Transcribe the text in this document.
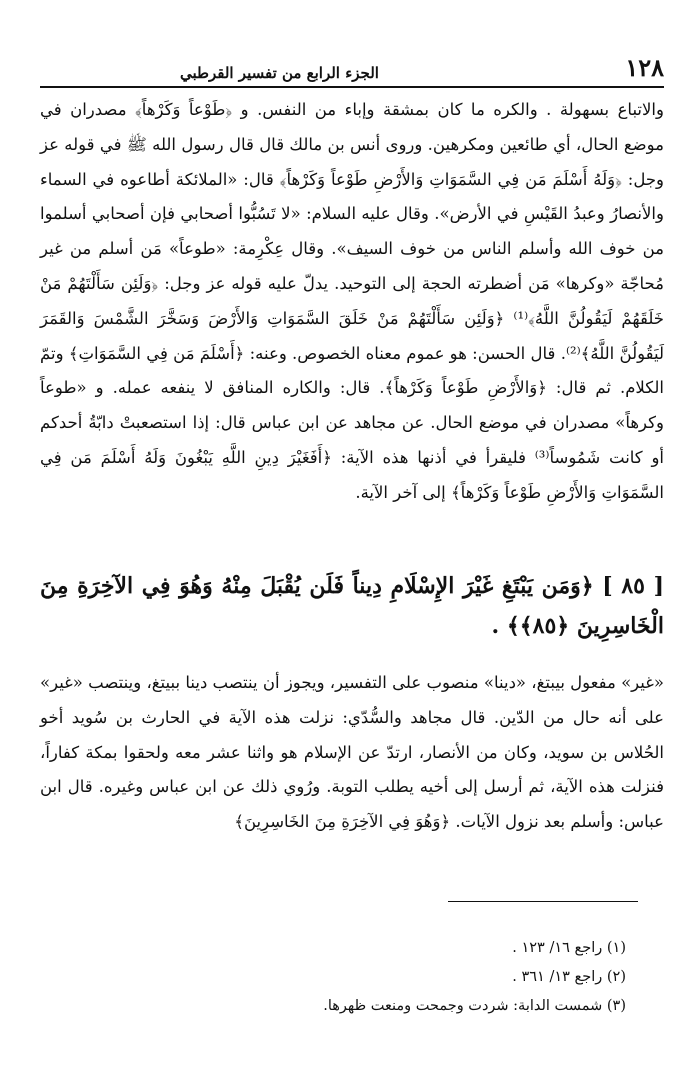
١٢٨
الجزء الرابع من تفسير القرطبي

والاتباع بسهولة . والكره ما كان بمشقة وإباء من النفس. و ﴿طَوْعاً وَكَرْهاً﴾ مصدران في موضع الحال، أي طائعين ومكرهين. وروى أنس بن مالك قال قال رسول الله ﷺ في قوله عز وجل: ﴿وَلَهُ أَسْلَمَ مَن فِي السَّمَوَاتِ وَالأَرْضِ طَوْعاً وَكَرْهاً﴾ قال: «الملائكة أطاعوه في السماء والأنصارُ وعبدُ القَيْسِ في الأرض». وقال عليه السلام: «لا تَسُبُّوا أصحابي فإن أصحابي أسلموا من خوف الله وأسلم الناس من خوف السيف». وقال عِكْرِمة: «طوعاً» مَن أسلم من غير مُحاجّة «وكرها» مَن أضطرته الحجة إلى التوحيد. يدلّ عليه قوله عز وجل: ﴿وَلَئِن سَأَلْتَهُمْ مَنْ خَلَقَهُمْ لَيَقُولُنَّ اللَّهُ﴾⁽¹⁾ ﴿وَلَئِن سَأَلْتَهُمْ مَنْ خَلَقَ السَّمَوَاتِ وَالأَرْضَ وَسَخَّرَ الشَّمْسَ وَالقَمَرَ لَيَقُولُنَّ اللَّهُ﴾⁽²⁾. قال الحسن: هو عموم معناه الخصوص. وعنه: ﴿أَسْلَمَ مَن فِي السَّمَوَاتِ﴾ وتمّ الكلام. ثم قال: ﴿وَالأَرْضِ طَوْعاً وَكَرْهاً﴾. قال: والكاره المنافق لا ينفعه عمله. و «طوعاً وكرهاً» مصدران في موضع الحال. عن مجاهد عن ابن عباس قال: إذا استصعبتْ دابّةُ أحدكم أو كانت شَمُوساً⁽³⁾ فليقرأ في أذنها هذه الآية: ﴿أَفَغَيْرَ دِينِ اللَّهِ يَبْغُونَ وَلَهُ أَسْلَمَ مَن فِي السَّمَوَاتِ وَالأَرْضِ طَوْعاً وَكَرْهاً﴾ إلى آخر الآية.

[ ٨٥ ] ﴿وَمَن يَبْتَغِ غَيْرَ الإِسْلَامِ دِيناً فَلَن يُقْبَلَ مِنْهُ وَهُوَ فِي الآخِرَةِ مِنَ الْخَاسِرِينَ ﴿٨٥﴾﴾ .

«غير» مفعول بيبتغ، «دينا» منصوب على التفسير، ويجوز أن ينتصب دينا ببيتغ، وينتصب «غير» على أنه حال من الدّين. قال مجاهد والسُّدّي: نزلت هذه الآية في الحارث بن سُويد أخو الحُلاس بن سويد، وكان من الأنصار، ارتدّ عن الإسلام هو واثنا عشر معه ولحقوا بمكة كفاراً، فنزلت هذه الآية، ثم أرسل إلى أخيه يطلب التوبة. ورُوي ذلك عن ابن عباس وغيره. قال ابن عباس: وأسلم بعد نزول الآيات. ﴿وَهُوَ فِي الآخِرَةِ مِنَ الخَاسِرِينَ﴾

(١) راجع ١٦/ ١٢٣ .
(٢) راجع ١٣/ ٣٦١ .
(٣) شمست الدابة: شردت وجمحت ومنعت ظهرها.
